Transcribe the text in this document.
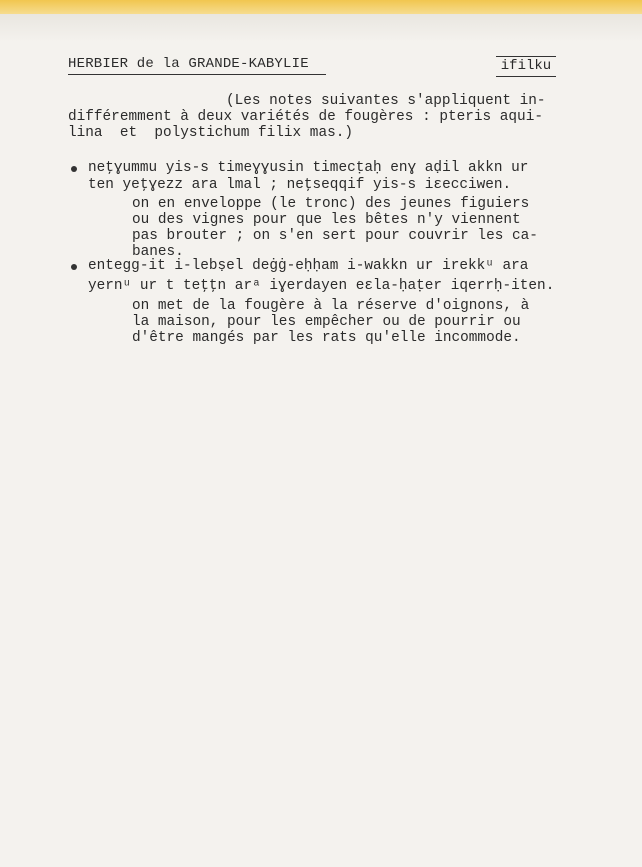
HERBIER de la GRANDE-KABYLIE	ifilku
(Les notes suivantes s'appliquent in-
différemment à deux variétés de fougères : pteris aqui-
lina  et  polystichum filix mas.)
neţɣummu yis-s timeɣɣusin timecṭaḥ enɣ aḍil akkn ur
ten yeţɣezz ara lmal ; neţseqqif yis-s iɛecciwen.
on en enveloppe (le tronc) des jeunes figuiers
ou des vignes pour que les bêtes n'y viennent
pas brouter ; on s'en sert pour couvrir les ca-
banes.
entegg-it i-lebṣel deġġ-eḥḥam i-wakkn ur irekkᵘ ara
yernᵘ ur t teţţn arᵃ iɣerdayen eɛla-ḥaṭer iqerrḥ-iten.
on met de la fougère à la réserve d'oignons, à
la maison, pour les empêcher ou de pourrir ou
d'être mangés par les rats qu'elle incommode.
